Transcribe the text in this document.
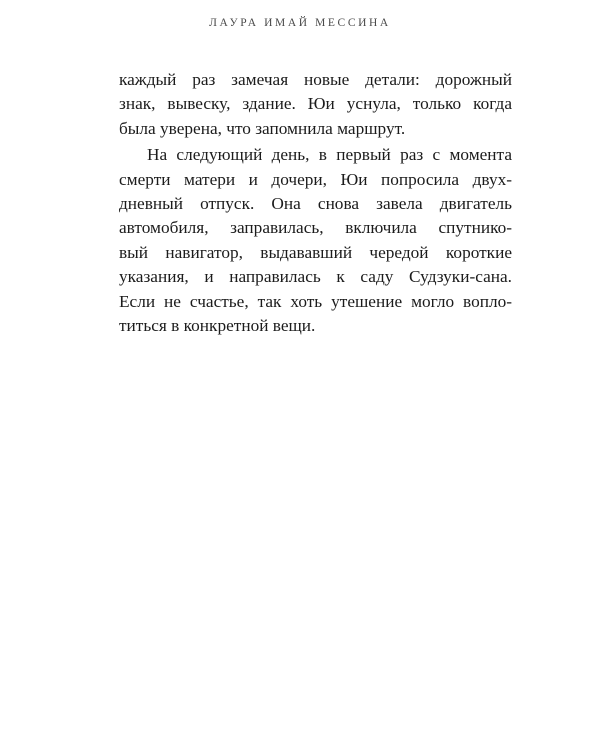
ЛАУРА ИМАЙ МЕССИНА
каждый раз замечая новые детали: дорожный
знак, вывеску, здание. Юи уснула, только когда
была уверена, что запомнила маршрут.
На следующий день, в первый раз с момента
смерти матери и дочери, Юи попросила двух-
дневный отпуск. Она снова завела двигатель
автомобиля, заправилась, включила спутнико-
вый навигатор, выдававший чередой короткие
указания, и направилась к саду Судзуки-сана.
Если не счастье, так хоть утешение могло вопло-
титься в конкретной вещи.
